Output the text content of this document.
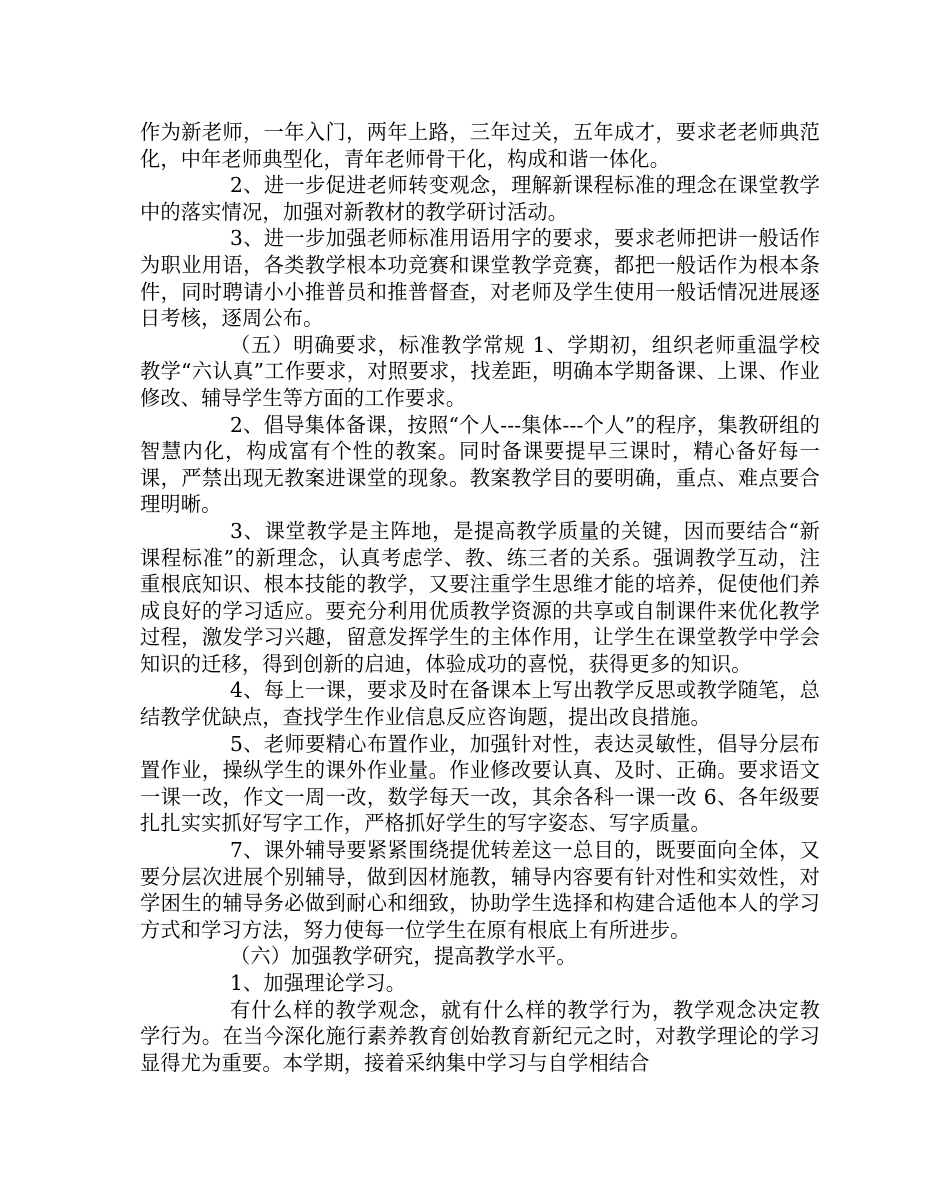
作为新老师，一年入门，两年上路，三年过关，五年成才，要求老老师典范化，中年老师典型化，青年老师骨干化，构成和谐一体化。

2、进一步促进老师转变观念，理解新课程标准的理念在课堂教学中的落实情况，加强对新教材的教学研讨活动。

3、进一步加强老师标准用语用字的要求，要求老师把讲一般话作为职业用语，各类教学根本功竞赛和课堂教学竞赛，都把一般话作为根本条件，同时聘请小小推普员和推普督查，对老师及学生使用一般话情况进展逐日考核，逐周公布。

（五）明确要求，标准教学常规 1、学期初，组织老师重温学校教学“六认真”工作要求，对照要求，找差距，明确本学期备课、上课、作业修改、辅导学生等方面的工作要求。

2、倡导集体备课，按照“个人---集体---个人”的程序，集教研组的智慧内化，构成富有个性的教案。同时备课要提早三课时，精心备好每一课，严禁出现无教案进课堂的现象。教案教学目的要明确，重点、难点要合理明晰。

3、课堂教学是主阵地，是提高教学质量的关键，因而要结合“新课程标准”的新理念，认真考虑学、教、练三者的关系。强调教学互动，注重根底知识、根本技能的教学，又要注重学生思维才能的培养，促使他们养成良好的学习适应。要充分利用优质教学资源的共享或自制课件来优化教学过程，激发学习兴趣，留意发挥学生的主体作用，让学生在课堂教学中学会知识的迁移，得到创新的启迪，体验成功的喜悦，获得更多的知识。

4、每上一课，要求及时在备课本上写出教学反思或教学随笔，总结教学优缺点，查找学生作业信息反应咨询题，提出改良措施。

5、老师要精心布置作业，加强针对性，表达灵敏性，倡导分层布置作业，操纵学生的课外作业量。作业修改要认真、及时、正确。要求语文一课一改，作文一周一改，数学每天一改，其余各科一课一改 6、各年级要扎扎实实抓好写字工作，严格抓好学生的写字姿态、写字质量。

7、课外辅导要紧紧围绕提优转差这一总目的，既要面向全体，又要分层次进展个别辅导，做到因材施教，辅导内容要有针对性和实效性，对学困生的辅导务必做到耐心和细致，协助学生选择和构建合适他本人的学习方式和学习方法，努力使每一位学生在原有根底上有所进步。

（六）加强教学研究，提高教学水平。

1、加强理论学习。

有什么样的教学观念，就有什么样的教学行为，教学观念决定教学行为。在当今深化施行素养教育创始教育新纪元之时，对教学理论的学习显得尤为重要。本学期，接着采纳集中学习与自学相结合
